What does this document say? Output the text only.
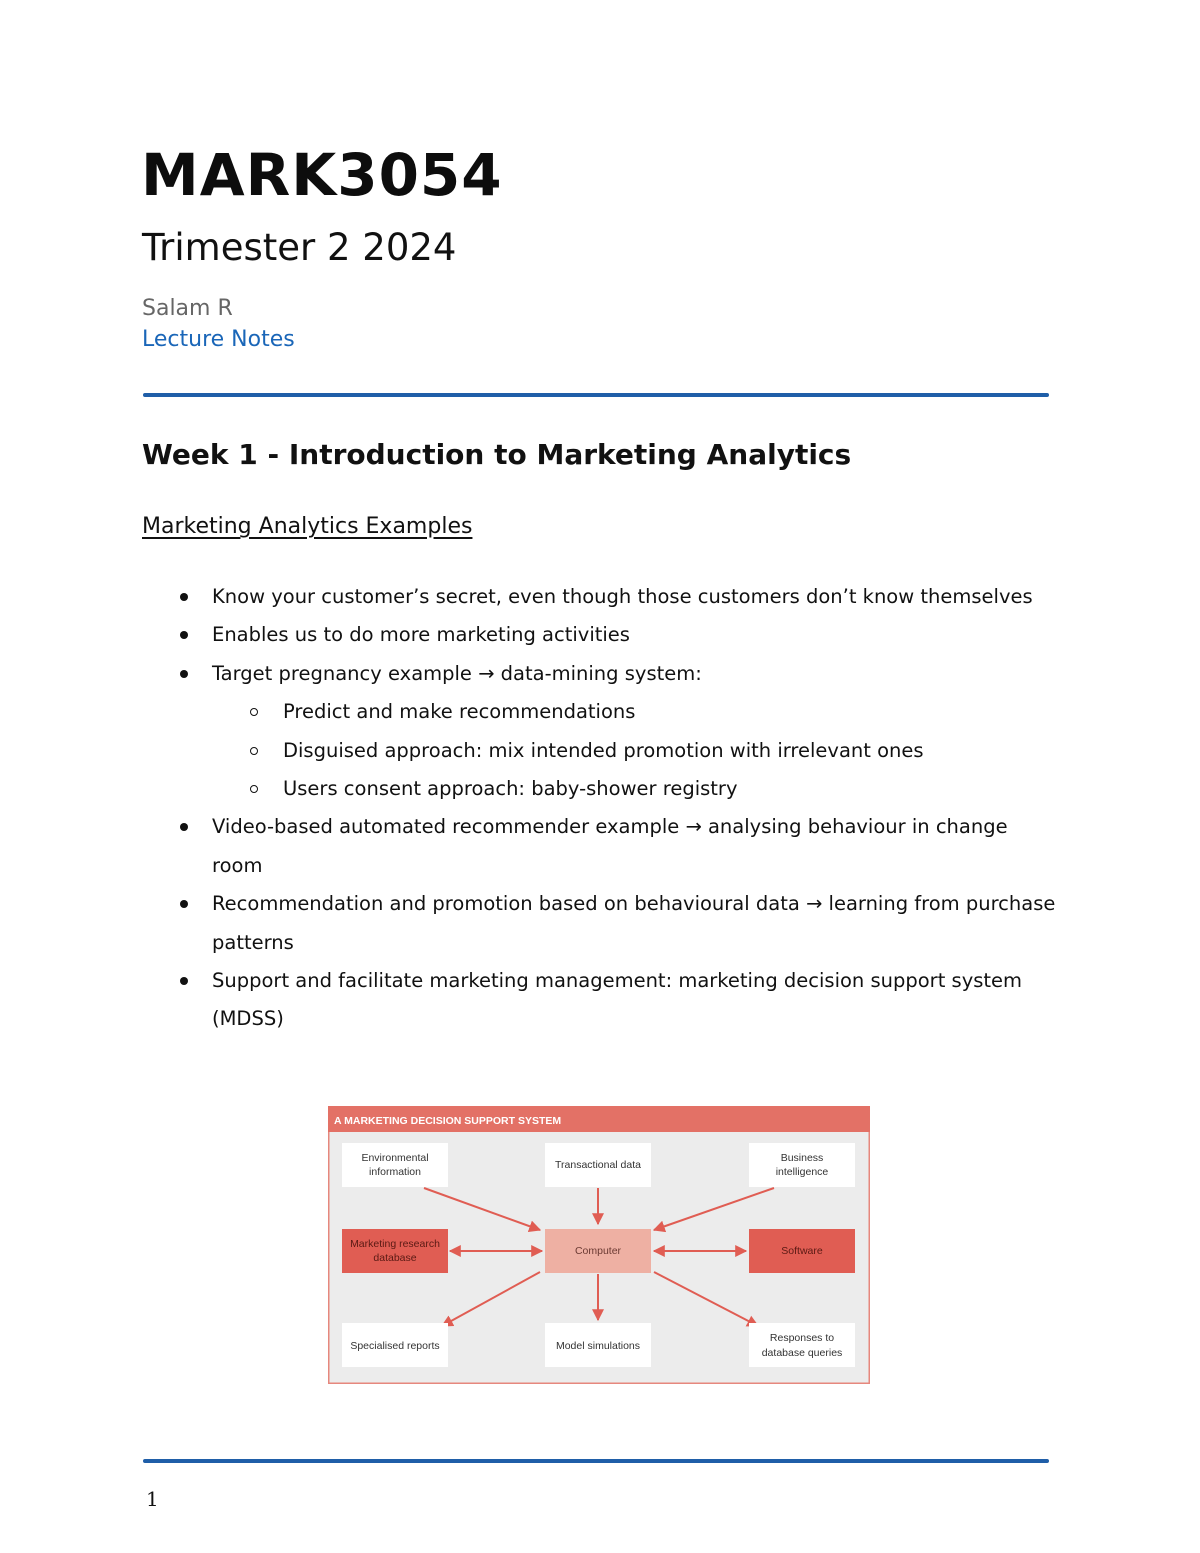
MARK3054
Trimester 2 2024
Salam R
Lecture Notes
Week 1 - Introduction to Marketing Analytics
Marketing Analytics Examples
Know your customer’s secret, even though those customers don’t know themselves
Enables us to do more marketing activities
Target pregnancy example → data-mining system:
Predict and make recommendations
Disguised approach: mix intended promotion with irrelevant ones
Users consent approach: baby-shower registry
Video-based automated recommender example → analysing behaviour in change room
Recommendation and promotion based on behavioural data → learning from purchase patterns
Support and facilitate marketing management: marketing decision support system (MDSS)
A MARKETING DECISION SUPPORT SYSTEM
Environmental
information
Transactional data
Business
intelligence
Marketing research
database
Computer	Software
Specialised reports	Model simulations
Responses to
database queries
1
